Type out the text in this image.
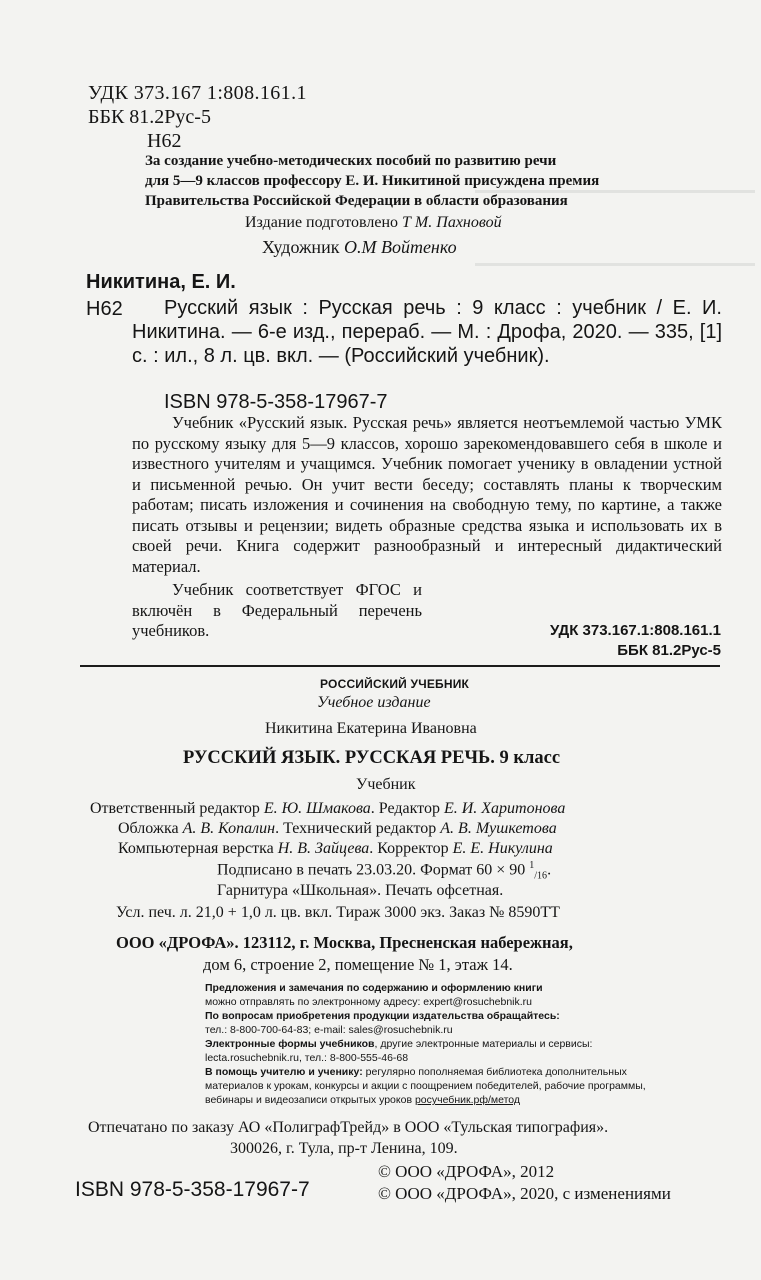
УДК 373.167 1:808.161.1
ББК 81.2Рус-5
Н62
За создание учебно-методических пособий по развитию речи
для 5—9 классов профессору Е. И. Никитиной присуждена премия
Правительства Российской Федерации в области образования
Издание подготовлено Т М. Пахновой
Художник О.М Войтенко
Никитина, Е. И.
Н62	Русский язык : Русская речь : 9 класс : учебник / Е. И. Никитина. — 6-е изд., перераб. — М. : Дрофа, 2020. — 335, [1] с. : ил., 8 л. цв. вкл. — (Российский учебник).
ISBN 978-5-358-17967-7
Учебник «Русский язык. Русская речь» является неотъемлемой частью УМК по русскому языку для 5—9 классов, хорошо зарекомендовавшего себя в школе и известного учителям и учащимся. Учебник помогает ученику в овладении устной и письменной речью. Он учит вести беседу; составлять планы к творческим работам; писать изложения и сочинения на свободную тему, по картине, а также писать отзывы и рецензии; видеть образные средства языка и использовать их в своей речи. Книга содержит разнообразный и интересный дидактический материал.
Учебник соответствует ФГОС и включён в Федеральный перечень учебников.	УДК 373.167.1:808.161.1
ББК 81.2Рус-5
РОССИЙСКИЙ УЧЕБНИК
Учебное издание
Никитина Екатерина Ивановна
РУССКИЙ ЯЗЫК. РУССКАЯ РЕЧЬ. 9 класс
Учебник
Ответственный редактор Е. Ю. Шмакова. Редактор Е. И. Харитонова
Обложка А. В. Копалин. Технический редактор А. В. Мушкетова
Компьютерная верстка Н. В. Зайцева. Корректор Е. Е. Никулина
Подписано в печать 23.03.20. Формат 60 × 90 $^1_{/16}$.
Гарнитура «Школьная». Печать офсетная.
Усл. печ. л. 21,0 + 1,0 л. цв. вкл. Тираж 3000 экз. Заказ № 8590ТТ
ООО «ДРОФА». 123112, г. Москва, Пресненская набережная,
дом 6, строение 2, помещение № 1, этаж 14.
Предложения и замечания по содержанию и оформлению книги
можно отправлять по электронному адресу: expert@rosuchebnik.ru
По вопросам приобретения продукции издательства обращайтесь:
тел.: 8-800-700-64-83; e-mail: sales@rosuchebnik.ru
Электронные формы учебников, другие электронные материалы и сервисы:
lecta.rosuchebnik.ru, тел.: 8-800-555-46-68
В помощь учителю и ученику: регулярно пополняемая библиотека дополнительных
материалов к урокам, конкурсы и акции с поощрением победителей, рабочие программы,
вебинары и видеозаписи открытых уроков росучебник.рф/метод
Отпечатано по заказу АО «ПолиграфТрейд» в ООО «Тульская типография».
300026, г. Тула, пр-т Ленина, 109.
ISBN 978-5-358-17967-7
© ООО «ДРОФА», 2012
© ООО «ДРОФА», 2020, с изменениями
